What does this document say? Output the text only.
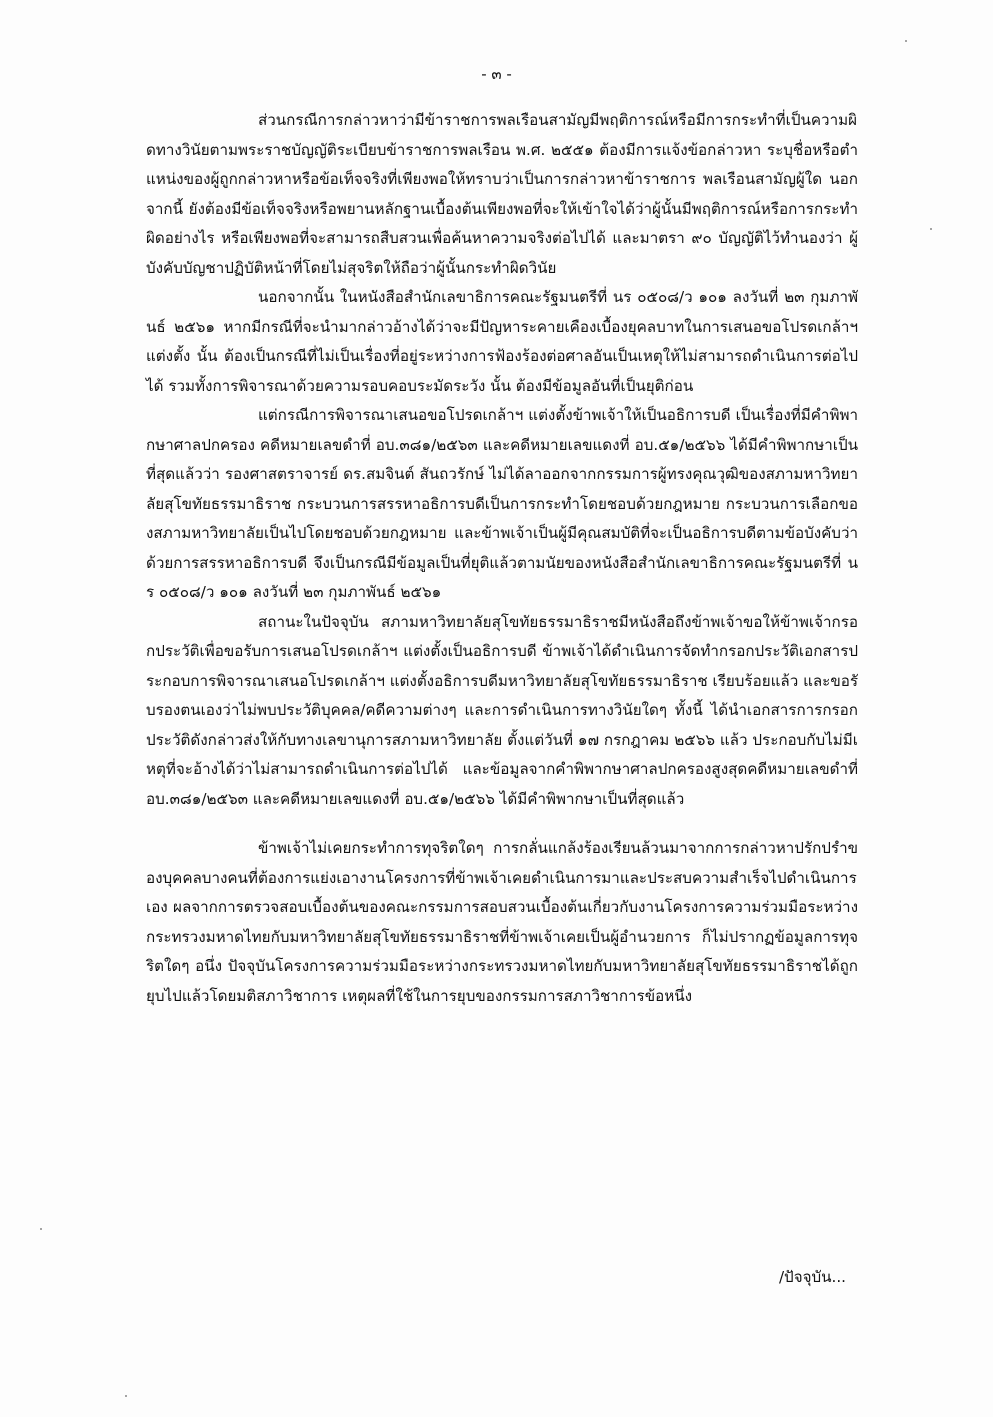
- ๓ -

ส่วนกรณีการกล่าวหาว่ามีข้าราชการพลเรือนสามัญมีพฤติการณ์หรือมีการกระทำที่เป็นความผิดทางวินัยตามพระราชบัญญัติระเบียบข้าราชการพลเรือน พ.ศ. ๒๕๕๑ ต้องมีการแจ้งข้อกล่าวหา ระบุชื่อหรือตำแหน่งของผู้ถูกกล่าวหาหรือข้อเท็จจริงที่เพียงพอให้ทราบว่าเป็นการกล่าวหาข้าราชการ พลเรือนสามัญผู้ใด นอกจากนี้ ยังต้องมีข้อเท็จจริงหรือพยานหลักฐานเบื้องต้นเพียงพอที่จะให้เข้าใจได้ว่าผู้นั้นมีพฤติการณ์หรือการกระทำผิดอย่างไร หรือเพียงพอที่จะสามารถสืบสวนเพื่อค้นหาความจริงต่อไปได้ และมาตรา ๙๐ บัญญัติไว้ทำนองว่า ผู้บังคับบัญชาปฏิบัติหน้าที่โดยไม่สุจริตให้ถือว่าผู้นั้นกระทำผิดวินัย

นอกจากนั้น ในหนังสือสำนักเลขาธิการคณะรัฐมนตรีที่ นร ๐๕๐๘/ว ๑๐๑ ลงวันที่ ๒๓ กุมภาพันธ์ ๒๕๖๑ หากมีกรณีที่จะนำมากล่าวอ้างได้ว่าจะมีปัญหาระคายเคืองเบื้องยุคลบาทในการเสนอขอโปรดเกล้าฯ แต่งตั้ง นั้น ต้องเป็นกรณีที่ไม่เป็นเรื่องที่อยู่ระหว่างการฟ้องร้องต่อศาลอันเป็นเหตุให้ไม่สามารถดำเนินการต่อไปได้ รวมทั้งการพิจารณาด้วยความรอบคอบระมัดระวัง นั้น ต้องมีข้อมูลอันที่เป็นยุติก่อน

แต่กรณีการพิจารณาเสนอขอโปรดเกล้าฯ แต่งตั้งข้าพเจ้าให้เป็นอธิการบดี เป็นเรื่องที่มีคำพิพากษาศาลปกครอง คดีหมายเลขดำที่ อบ.๓๘๑/๒๕๖๓ และคดีหมายเลขแดงที่ อบ.๕๑/๒๕๖๖ ได้มีคำพิพากษาเป็นที่สุดแล้วว่า รองศาสตราจารย์ ดร.สมจินต์ สันถวรักษ์ ไม่ได้ลาออกจากกรรมการผู้ทรงคุณวุฒิของสภามหาวิทยาลัยสุโขทัยธรรมาธิราช กระบวนการสรรหาอธิการบดีเป็นการกระทำโดยชอบด้วยกฎหมาย กระบวนการเลือกของสภามหาวิทยาลัยเป็นไปโดยชอบด้วยกฎหมาย และข้าพเจ้าเป็นผู้มีคุณสมบัติที่จะเป็นอธิการบดีตามข้อบังคับว่าด้วยการสรรหาอธิการบดี จึงเป็นกรณีมีข้อมูลเป็นที่ยุติแล้วตามนัยของหนังสือสำนักเลขาธิการคณะรัฐมนตรีที่ นร ๐๕๐๘/ว ๑๐๑ ลงวันที่ ๒๓ กุมภาพันธ์ ๒๕๖๑

สถานะในปัจจุบัน สภามหาวิทยาลัยสุโขทัยธรรมาธิราชมีหนังสือถึงข้าพเจ้าขอให้ข้าพเจ้ากรอกประวัติเพื่อขอรับการเสนอโปรดเกล้าฯ แต่งตั้งเป็นอธิการบดี ข้าพเจ้าได้ดำเนินการจัดทำกรอกประวัติเอกสารประกอบการพิจารณาเสนอโปรดเกล้าฯ แต่งตั้งอธิการบดีมหาวิทยาลัยสุโขทัยธรรมาธิราช เรียบร้อยแล้ว และขอรับรองตนเองว่าไม่พบประวัติบุคคล/คดีความต่างๆ และการดำเนินการทางวินัยใดๆ ทั้งนี้ ได้นำเอกสารการกรอกประวัติดังกล่าวส่งให้กับทางเลขานุการสภามหาวิทยาลัย ตั้งแต่วันที่ ๑๗ กรกฎาคม ๒๕๖๖ แล้ว ประกอบกับไม่มีเหตุที่จะอ้างได้ว่าไม่สามารถดำเนินการต่อไปได้ และข้อมูลจากคำพิพากษาศาลปกครองสูงสุดคดีหมายเลขดำที่ อบ.๓๘๑/๒๕๖๓ และคดีหมายเลขแดงที่ อบ.๕๑/๒๕๖๖ ได้มีคำพิพากษาเป็นที่สุดแล้ว

ข้าพเจ้าไม่เคยกระทำการทุจริตใดๆ การกลั่นแกล้งร้องเรียนล้วนมาจากการกล่าวหาปรักปรำของบุคคลบางคนที่ต้องการแย่งเอางานโครงการที่ข้าพเจ้าเคยดำเนินการมาและประสบความสำเร็จไปดำเนินการเอง ผลจากการตรวจสอบเบื้องต้นของคณะกรรมการสอบสวนเบื้องต้นเกี่ยวกับงานโครงการความร่วมมือระหว่างกระทรวงมหาดไทยกับมหาวิทยาลัยสุโขทัยธรรมาธิราชที่ข้าพเจ้าเคยเป็นผู้อำนวยการ ก็ไม่ปรากฏข้อมูลการทุจริตใดๆ อนึ่ง ปัจจุบันโครงการความร่วมมือระหว่างกระทรวงมหาดไทยกับมหาวิทยาลัยสุโขทัยธรรมาธิราชได้ถูกยุบไปแล้วโดยมติสภาวิชาการ เหตุผลที่ใช้ในการยุบของกรรมการสภาวิชาการข้อหนึ่ง

/ปัจจุบัน...
